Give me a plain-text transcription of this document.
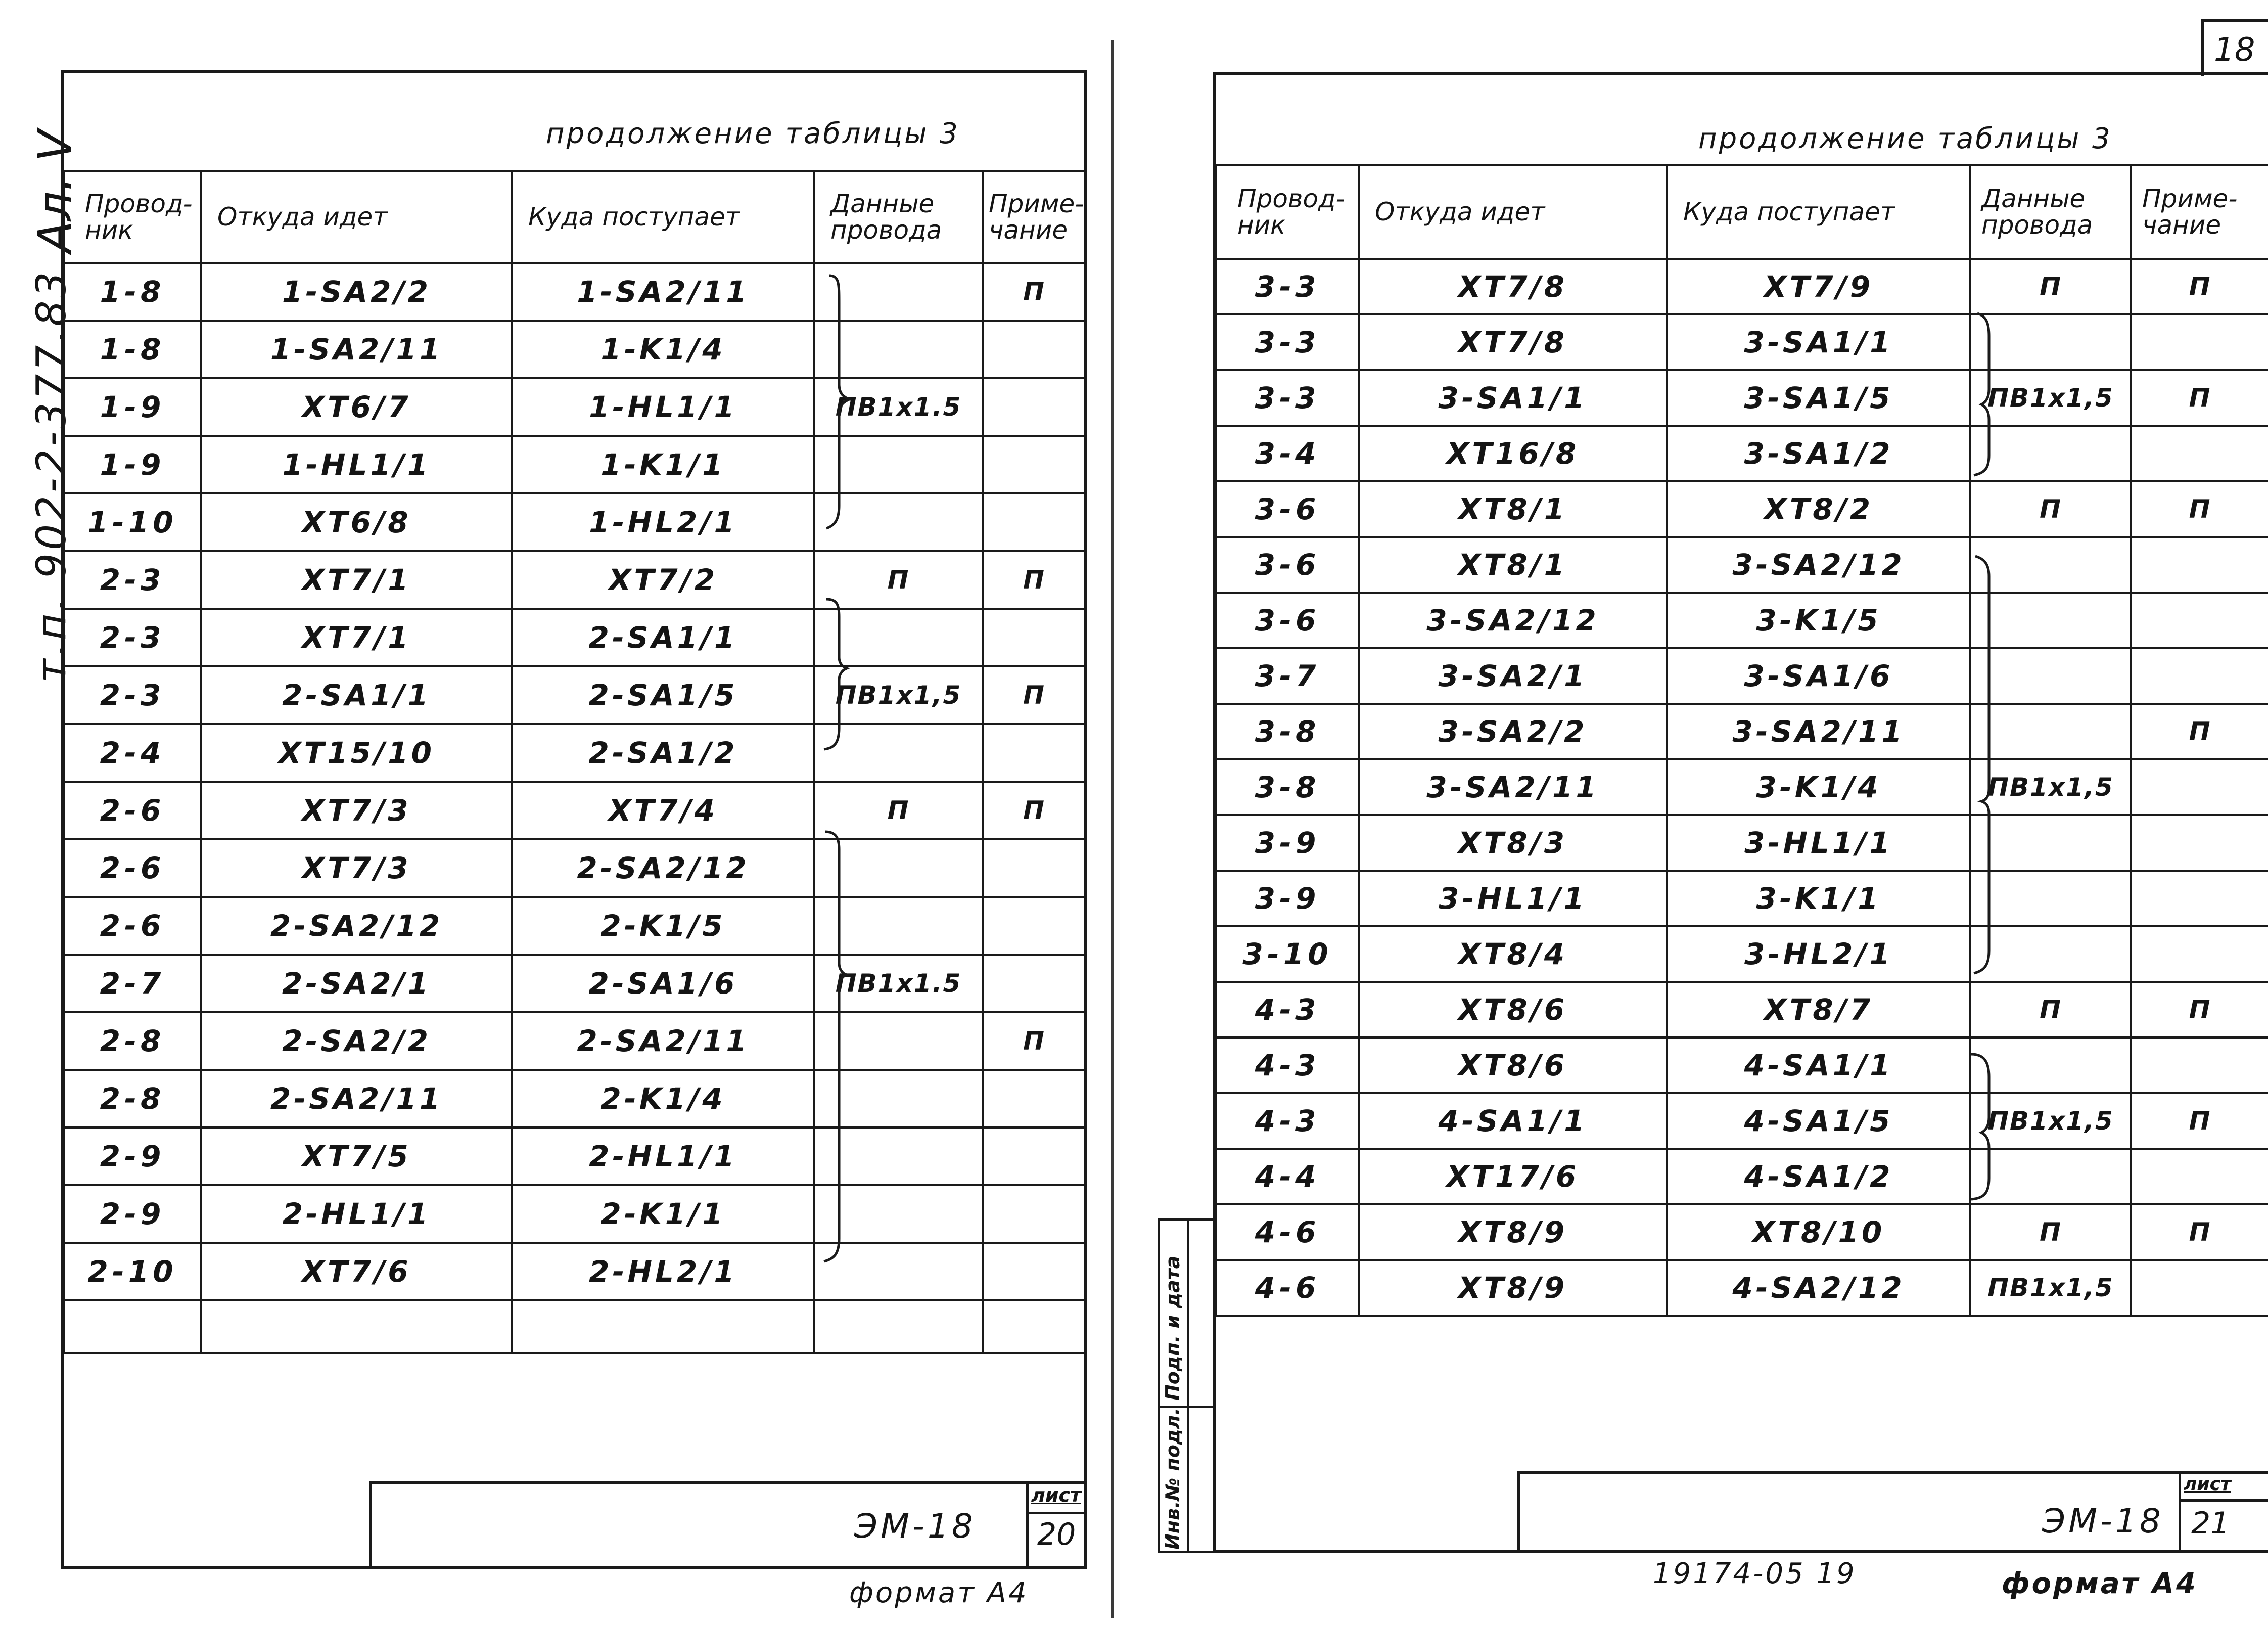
Ал. V
т.п. 902-2-377.83
продолжение таблицы 3
Провод-ник	Откуда идет	Куда поступает	Данные провода	Приме-чание
1-8	1-SA2/2	1-SA2/11		П
1-8	1-SA2/11	1-K1/4		
1-9	XT6/7	1-HL1/1	ПВ1х1.5	
1-9	1-HL1/1	1-K1/1		
1-10	XT6/8	1-HL2/1		
2-3	XT7/1	XT7/2	П	П
2-3	XT7/1	2-SA1/1		
2-3	2-SA1/1	2-SA1/5	ПВ1х1,5	П
2-4	XT15/10	2-SA1/2		
2-6	XT7/3	XT7/4	П	П
2-6	XT7/3	2-SA2/12		
2-6	2-SA2/12	2-K1/5		
2-7	2-SA2/1	2-SA1/6	ПВ1х1.5	
2-8	2-SA2/2	2-SA2/11		П
2-8	2-SA2/11	2-K1/4		
2-9	XT7/5	2-HL1/1		
2-9	2-HL1/1	2-K1/1		
2-10	XT7/6	2-HL2/1		

лист
20
ЭМ-18
формат А4
18
продолжение таблицы 3
Провод-ник	Откуда идет	Куда поступает	Данные провода	Приме-чание
3-3	XT7/8	XT7/9	П	П
3-3	XT7/8	3-SA1/1		
3-3	3-SA1/1	3-SA1/5	ПВ1х1,5	П
3-4	XT16/8	3-SA1/2		
3-6	XT8/1	XT8/2	П	П
3-6	XT8/1	3-SA2/12		
3-6	3-SA2/12	3-K1/5		
3-7	3-SA2/1	3-SA1/6		
3-8	3-SA2/2	3-SA2/11		П
3-8	3-SA2/11	3-K1/4	ПВ1х1,5	
3-9	XT8/3	3-HL1/1		
3-9	3-HL1/1	3-K1/1		
3-10	XT8/4	3-HL2/1		
4-3	XT8/6	XT8/7	П	П
4-3	XT8/6	4-SA1/1		
4-3	4-SA1/1	4-SA1/5	ПВ1х1,5	П
4-4	XT17/6	4-SA1/2		
4-6	XT8/9	XT8/10	П	П
4-6	XT8/9	4-SA2/12	ПВ1х1,5	
Инв.№ подл.
Подп. и дата
лист
21
ЭМ-18
19174-05 19	формат А4
